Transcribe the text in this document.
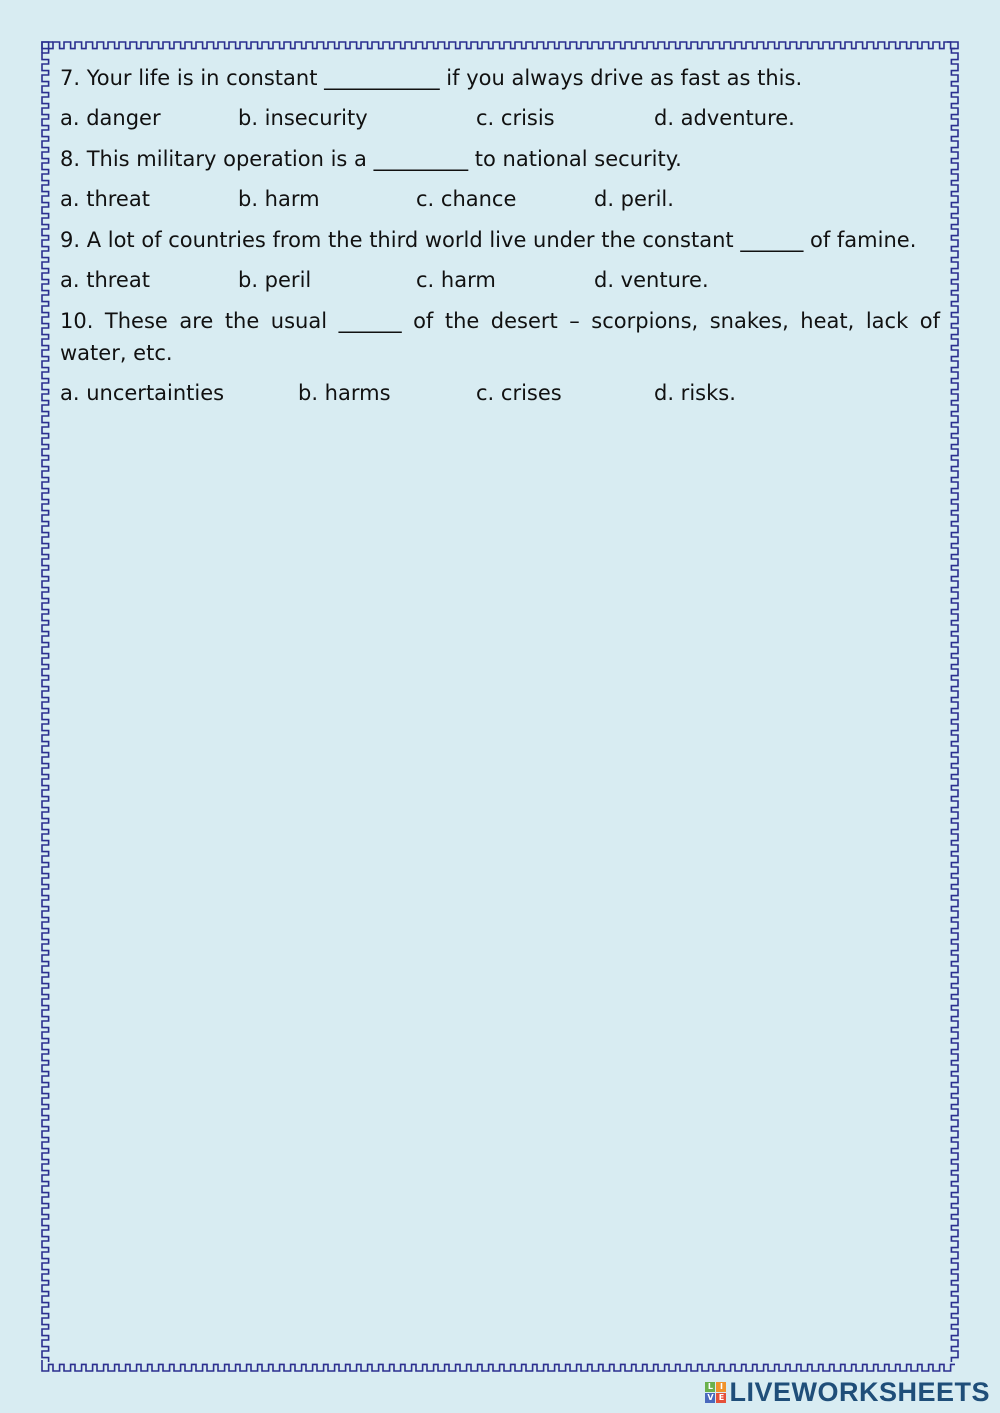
7. Your life is in constant ___________ if you always drive as fast as this.

a. danger	b. insecurity	c. crisis	d. adventure.

8. This military operation is a _________ to national security.

a. threat	b. harm	c. chance	d. peril.

9. A lot of countries from the third world live under the constant ______ of famine.

a. threat	b. peril	c. harm	d. venture.

10. These are the usual ______ of the desert – scorpions, snakes, heat, lack of water, etc.

a. uncertainties	b. harms	c. crises	d. risks.
L I
V E LIVEWORKSHEETS
